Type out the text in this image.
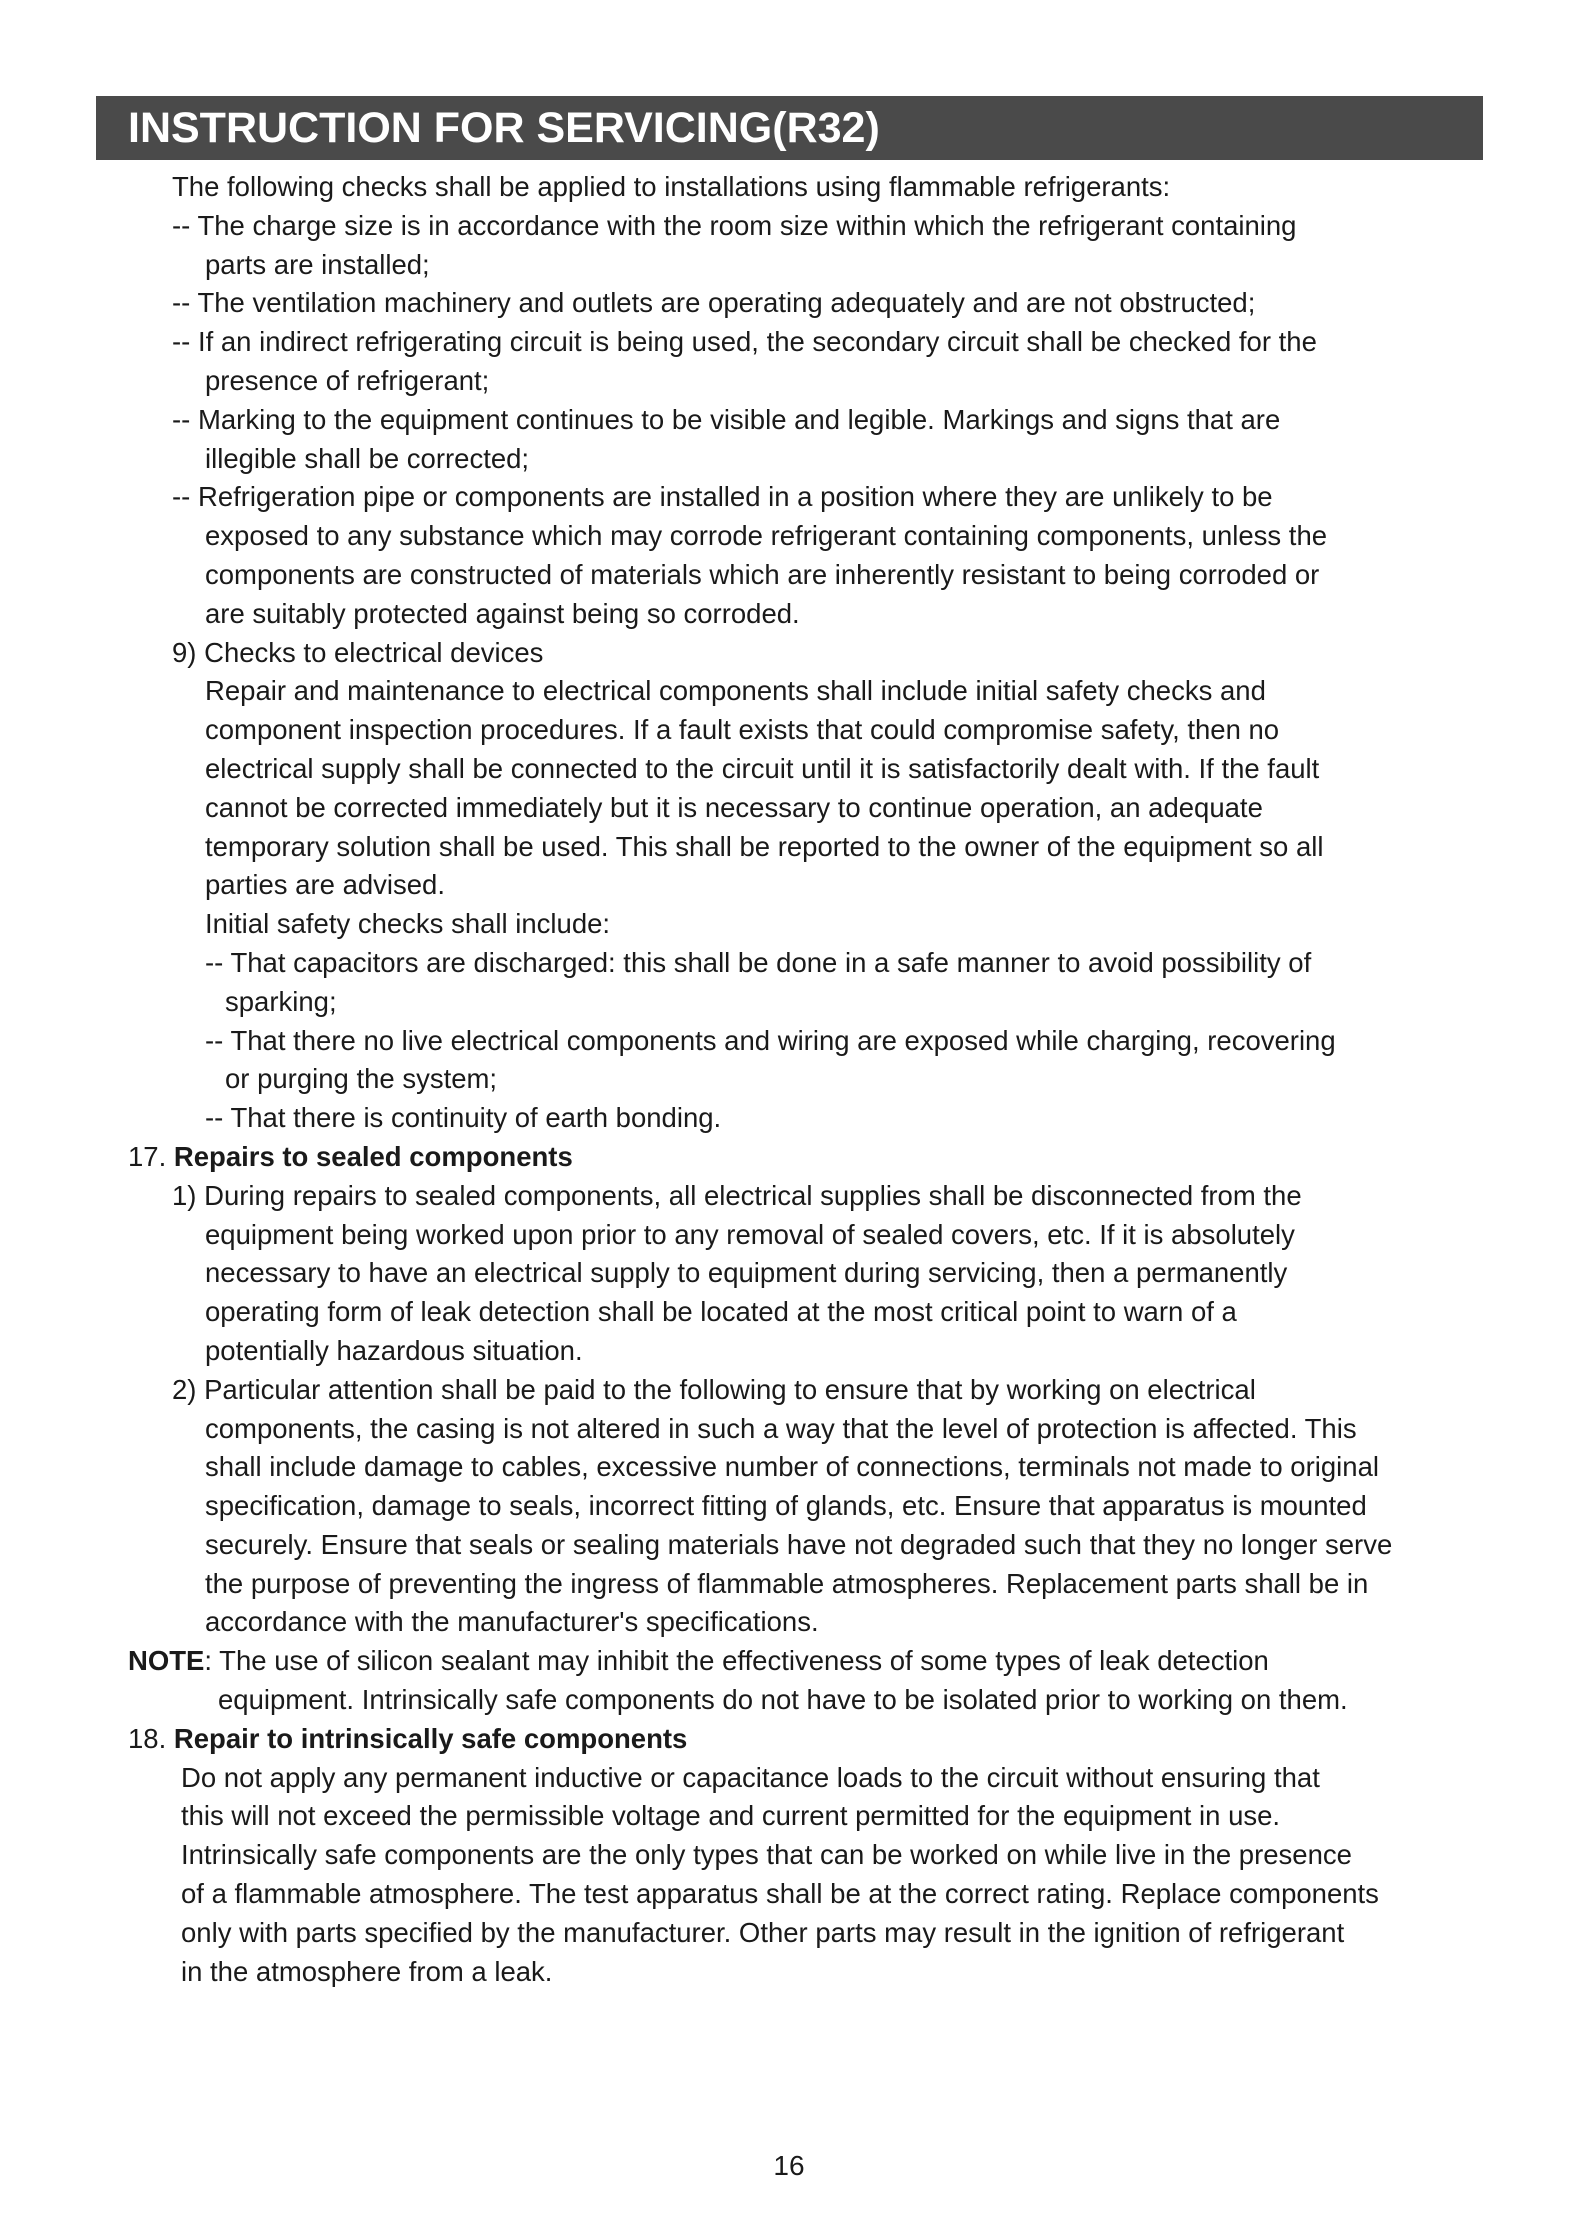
INSTRUCTION FOR SERVICING(R32)
The following checks shall be applied to installations using flammable refrigerants:
-- The charge size is in accordance with the room size within which the refrigerant containing
parts are installed;
-- The ventilation machinery and outlets are operating adequately and are not obstructed;
-- If an indirect refrigerating circuit is being used, the secondary circuit shall be checked for the
presence of refrigerant;
-- Marking to the equipment continues to be visible and legible. Markings and signs that are
illegible shall be corrected;
-- Refrigeration pipe or components are installed in a position where they are unlikely to be
exposed to any substance which may corrode refrigerant containing components, unless the
components are constructed of materials which are inherently resistant to being corroded or
are suitably protected against being so corroded.
9) Checks to electrical devices
Repair and maintenance to electrical components shall include initial safety checks and
component inspection procedures. If a fault exists that could compromise safety, then no
electrical supply shall be connected to the circuit until it is satisfactorily dealt with. If the fault
cannot be corrected immediately but it is necessary to continue operation, an adequate
temporary solution shall be used. This shall be reported to the owner of the equipment so all
parties are advised.
Initial safety checks shall include:
-- That capacitors are discharged: this shall be done in a safe manner to avoid possibility of
sparking;
-- That there no live electrical components and wiring are exposed while charging, recovering
or purging the system;
-- That there is continuity of earth bonding.
17. Repairs to sealed components
1) During repairs to sealed components, all electrical supplies shall be disconnected from the
equipment being worked upon prior to any removal of sealed covers, etc. If it is absolutely
necessary to have an electrical supply to equipment during servicing, then a permanently
operating form of leak detection shall be located at the most critical point to warn of a
potentially hazardous situation.
2) Particular attention shall be paid to the following to ensure that by working on electrical
components, the casing is not altered in such a way that the level of protection is affected. This
shall include damage to cables, excessive number of connections, terminals not made to original
specification, damage to seals, incorrect fitting of glands, etc. Ensure that apparatus is mounted
securely. Ensure that seals or sealing materials have not degraded such that they no longer serve
the purpose of preventing the ingress of flammable atmospheres. Replacement parts shall be in
accordance with the manufacturer's specifications.
NOTE: The use of silicon sealant may inhibit the effectiveness of some types of leak detection
equipment. Intrinsically safe components do not have to be isolated prior to working on them.
18. Repair to intrinsically safe components
Do not apply any permanent inductive or capacitance loads to the circuit without ensuring that
this will not exceed the permissible voltage and current permitted for the equipment in use.
Intrinsically safe components are the only types that can be worked on while live in the presence
of a flammable atmosphere. The test apparatus shall be at the correct rating. Replace components
only with parts specified by the manufacturer. Other parts may result in the ignition of refrigerant
in the atmosphere from a leak.
16
